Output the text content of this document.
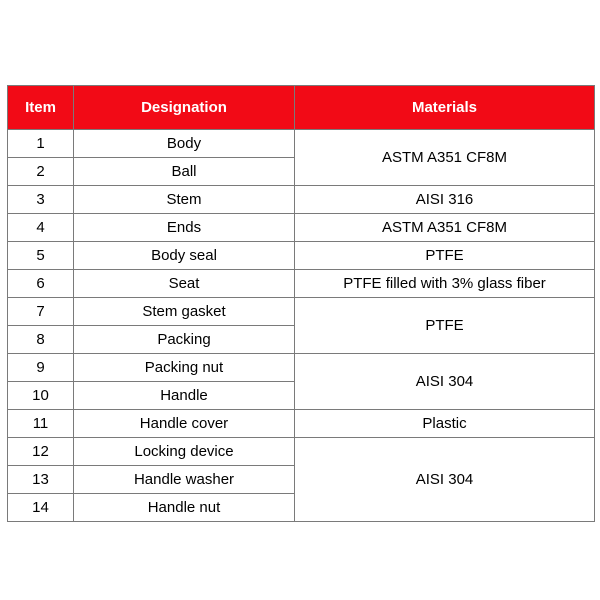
Item	Designation	Materials
1	Body	ASTM A351 CF8M
2	Ball	
3	Stem	AISI 316
4	Ends	ASTM A351 CF8M
5	Body seal	PTFE
6	Seat	PTFE filled with 3% glass fiber
7	Stem gasket	PTFE
8	Packing	
9	Packing nut	AISI 304
10	Handle	
11	Handle cover	Plastic
12	Locking device	AISI 304
13	Handle washer	
14	Handle nut	
